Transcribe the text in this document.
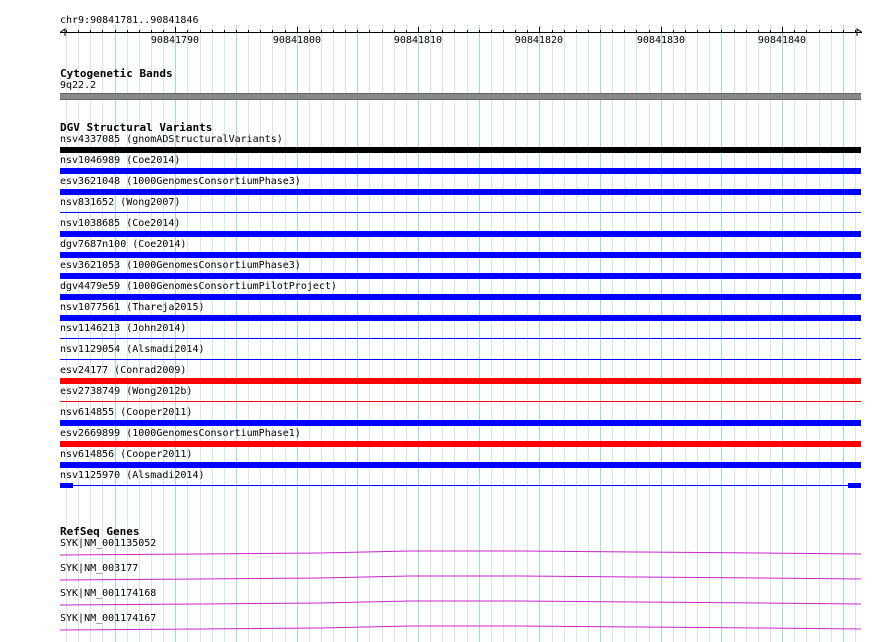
chr9:90841781..90841846
90841790	90841800	90841810	90841820	90841830	90841840
Cytogenetic Bands
9q22.2
DGV Structural Variants
nsv4337085 (gnomADStructuralVariants)
nsv1046989 (Coe2014)
esv3621048 (1000GenomesConsortiumPhase3)
nsv831652 (Wong2007)
nsv1038685 (Coe2014)
dgv7687n100 (Coe2014)
esv3621053 (1000GenomesConsortiumPhase3)
dgv4479e59 (1000GenomesConsortiumPilotProject)
nsv1077561 (Thareja2015)
nsv1146213 (John2014)
nsv1129054 (Alsmadi2014)
esv24177 (Conrad2009)
esv2738749 (Wong2012b)
nsv614855 (Cooper2011)
esv2669899 (1000GenomesConsortiumPhase1)
nsv614856 (Cooper2011)
nsv1125970 (Alsmadi2014)
RefSeq Genes
SYK|NM_001135052
SYK|NM_003177
SYK|NM_001174168
SYK|NM_001174167
